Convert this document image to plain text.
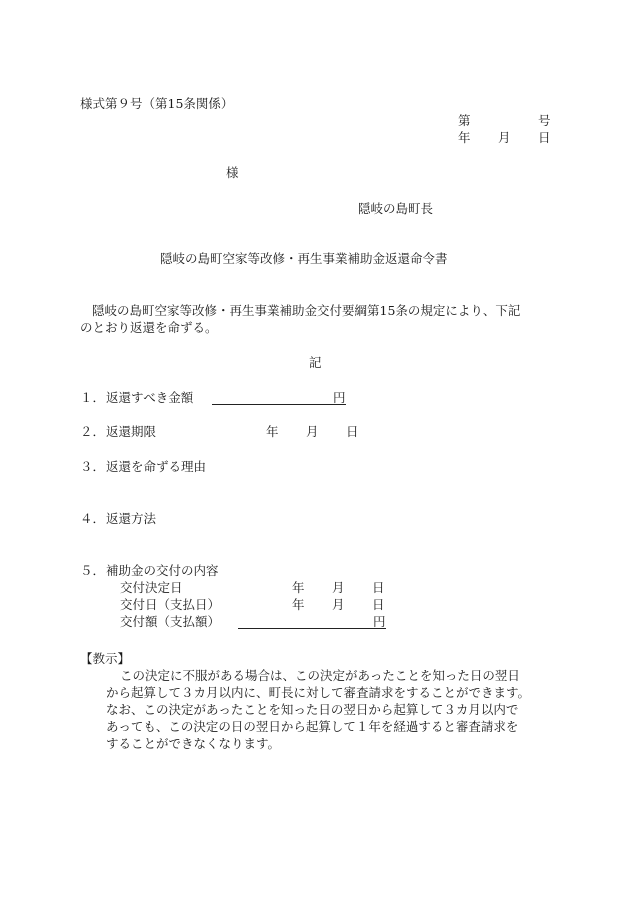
様式第９号（第15条関係）
第	号
年 月 日
様
隠岐の島町長
隠岐の島町空家等改修・再生事業補助金返還命令書
隠岐の島町空家等改修・再生事業補助金交付要綱第15条の規定により、下記
のとおり返還を命ずる。
記
１． 返還すべき金額	円
２． 返還期限	年 月 日
３． 返還を命ずる理由
４． 返還方法
５． 補助金の交付の内容
交付決定日	年 月 日
交付日（支払日）	年 月 日
交付額（支払額）	円
【教示】
この決定に不服がある場合は、この決定があったことを知った日の翌日
から起算して３カ月以内に、町長に対して審査請求をすることができます。
なお、この決定があったことを知った日の翌日から起算して３カ月以内で
あっても、この決定の日の翌日から起算して１年を経過すると審査請求を
することができなくなります。
